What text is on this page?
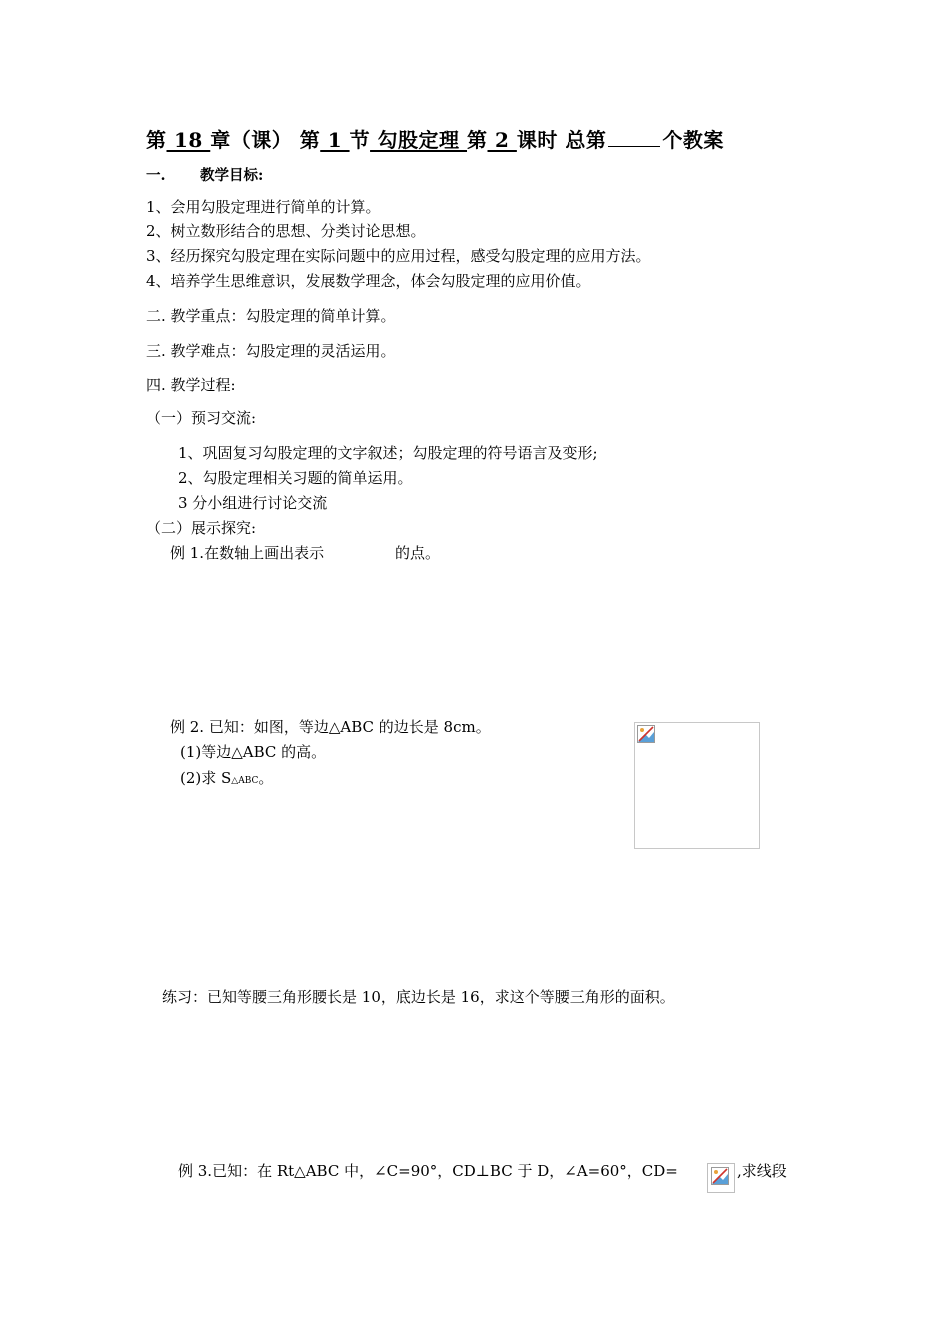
第 18 章（课） 第 1 节 勾股定理 第 2 课时 总第	个教案
一. 教学目标:
1、会用勾股定理进行简单的计算。
2、树立数形结合的思想、分类讨论思想。
3、经历探究勾股定理在实际问题中的应用过程，感受勾股定理的应用方法。
4、培养学生思维意识，发展数学理念，体会勾股定理的应用价值。
二. 教学重点：勾股定理的简单计算。
三. 教学难点：勾股定理的灵活运用。
四. 教学过程:
（一）预习交流:
1、巩固复习勾股定理的文字叙述；勾股定理的符号语言及变形;
2、勾股定理相关习题的简单运用。
3 分小组进行讨论交流
（二）展示探究:
例 1.在数轴上画出表示	的点。
例 2. 已知：如图，等边△ABC 的边长是 8cm。
(1)等边△ABC 的高。
(2)求 S△ABC。
练习：已知等腰三角形腰长是 10，底边长是 16，求这个等腰三角形的面积。
例 3.已知：在 Rt△ABC 中，∠C=90°，CD⊥BC 于 D，∠A=60°，CD=	,求线段
